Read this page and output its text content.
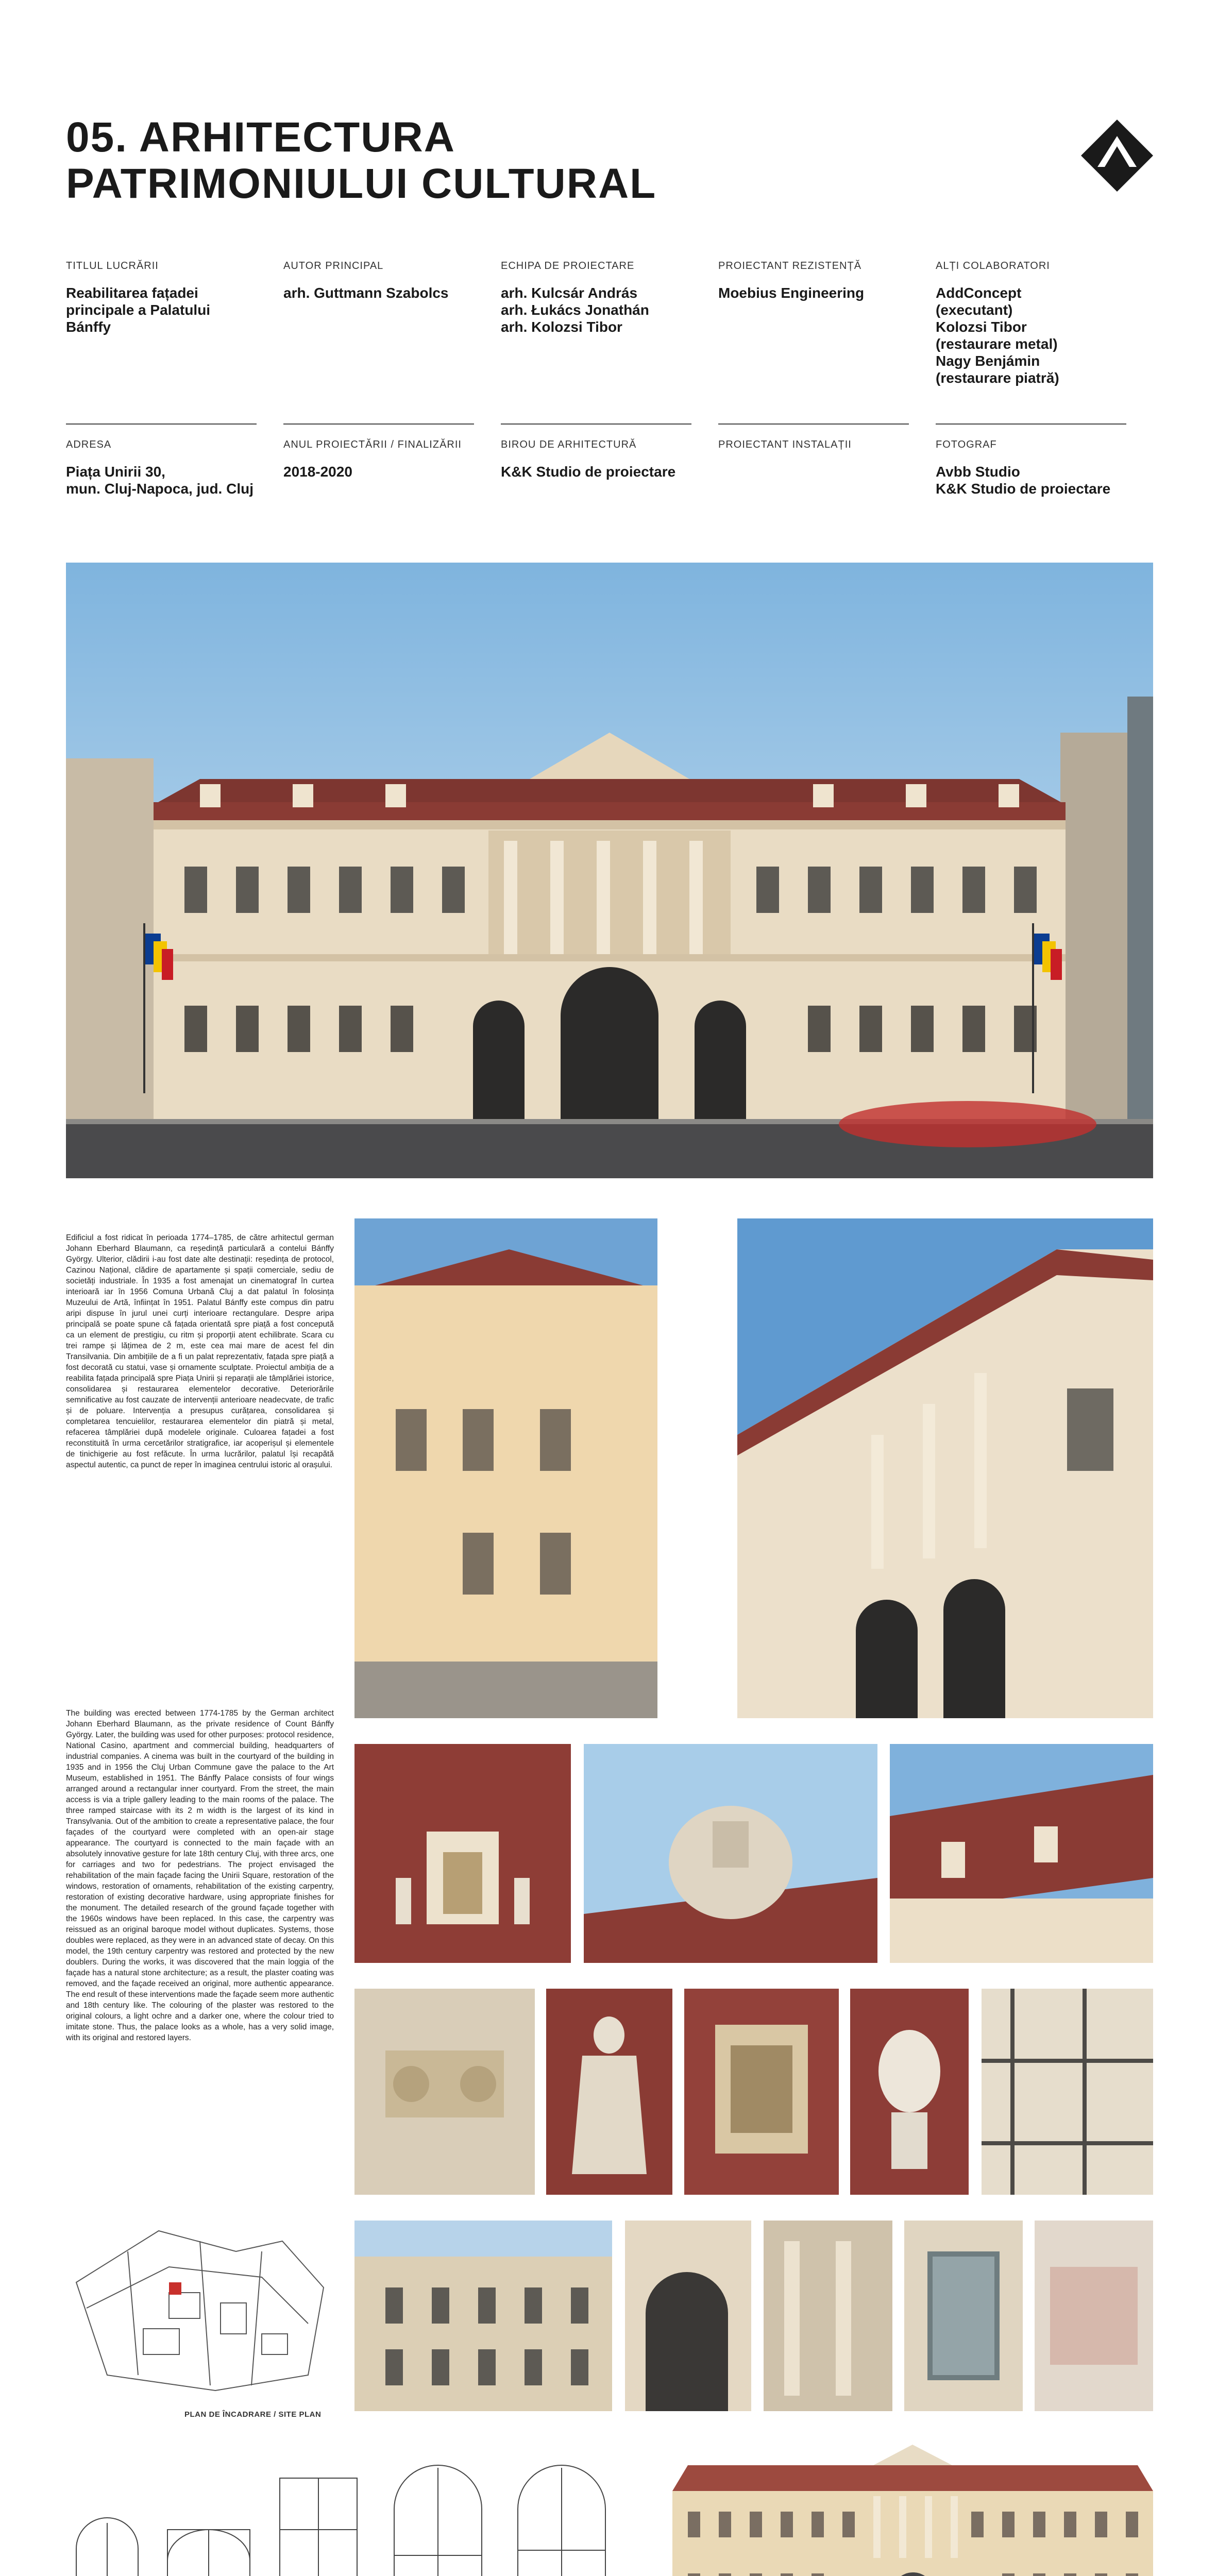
05. ARHITECTURA
PATRIMONIULUI CULTURAL
TITLUL LUCRĂRII
Reabilitarea fațadei
principale a Palatului
Bánffy
AUTOR PRINCIPAL
arh. Guttmann Szabolcs
ECHIPA DE PROIECTARE
arh. Kulcsár András
arh. Łukács Jonathán
arh. Kolozsi Tibor
PROIECTANT REZISTENȚĂ
Moebius Engineering
ALȚI COLABORATORI
AddConcept
(executant)
Kolozsi Tibor
(restaurare metal)
Nagy Benjámin
(restaurare piatră)
ADRESA
Piața Unirii 30,
mun. Cluj-Napoca, jud. Cluj
ANUL PROIECTĂRII / FINALIZĂRII
2018-2020
BIROU DE ARHITECTURĂ
K&K Studio de proiectare
PROIECTANT INSTALAȚII	FOTOGRAF
Avbb Studio
K&K Studio de proiectare
Edificiul a fost ridicat în perioada 1774–1785, de către arhitectul german Johann Eberhard Blaumann, ca reședință particulară a contelui Bánffy György. Ulterior, clădirii i-au fost date alte destinații: reședința de protocol, Cazinou Național, clădire de apartamente și spații comerciale, sediu de societăți industriale. În 1935 a fost amenajat un cinematograf în curtea interioară iar în 1956 Comuna Urbană Cluj a dat palatul în folosința Muzeului de Artă, înființat în 1951. Palatul Bánffy este compus din patru aripi dispuse în jurul unei curți interioare rectangulare. Despre aripa principală se poate spune că fațada orientată spre piață a fost concepută ca un element de prestigiu, cu ritm și proporții atent echilibrate. Scara cu trei rampe și lățimea de 2 m, este cea mai mare de acest fel din Transilvania. Din ambițiile de a fi un palat reprezentativ, fațada spre piață a fost decorată cu statui, vase și ornamente sculptate. Proiectul ambiția de a reabilita fațada principală spre Piața Unirii și reparații ale tâmplăriei istorice, consolidarea și restaurarea elementelor decorative. Deteriorările semnificative au fost cauzate de intervenții anterioare neadecvate, de trafic și de poluare. Intervenția a presupus curățarea, consolidarea și completarea tencuielilor, restaurarea elementelor din piatră și metal, refacerea tâmplăriei după modelele originale. Culoarea fațadei a fost reconstituită în urma cercetărilor stratigrafice, iar acoperișul și elementele de tinichigerie au fost refăcute. În urma lucrărilor, palatul își recapătă aspectul autentic, ca punct de reper în imaginea centrului istoric al orașului.
The building was erected between 1774-1785 by the German architect Johann Eberhard Blaumann, as the private residence of Count Bánffy György. Later, the building was used for other purposes: protocol residence, National Casino, apartment and commercial building, headquarters of industrial companies. A cinema was built in the courtyard of the building in 1935 and in 1956 the Cluj Urban Commune gave the palace to the Art Museum, established in 1951. The Bánffy Palace consists of four wings arranged around a rectangular inner courtyard. From the street, the main access is via a triple gallery leading to the main rooms of the palace. The three ramped staircase with its 2 m width is the largest of its kind in Transylvania. Out of the ambition to create a representative palace, the four façades of the courtyard were completed with an open-air stage appearance. The courtyard is connected to the main façade with an absolutely innovative gesture for late 18th century Cluj, with three arcs, one for carriages and two for pedestrians. The project envisaged the rehabilitation of the main façade facing the Unirii Square, restoration of the windows, restoration of ornaments, rehabilitation of the existing carpentry, restoration of existing decorative hardware, using appropriate finishes for the monument. The detailed research of the ground façade together with the 1960s windows have been replaced. In this case, the carpentry was reissued as an original baroque model without duplicates. Systems, those doubles were replaced, as they were in an advanced state of decay. On this model, the 19th century carpentry was restored and protected by the new doublers. During the works, it was discovered that the main loggia of the façade has a natural stone architecture; as a result, the plaster coating was removed, and the façade received an original, more authentic appearance. The end result of these interventions made the façade seem more authentic and 18th century like. The colouring of the plaster was restored to the original colours, a light ochre and a darker one, where the colour tried to imitate stone. Thus, the palace looks as a whole, has a very solid image, with its original and restored layers.
PLAN DE ÎNCADRARE / SITE PLAN
